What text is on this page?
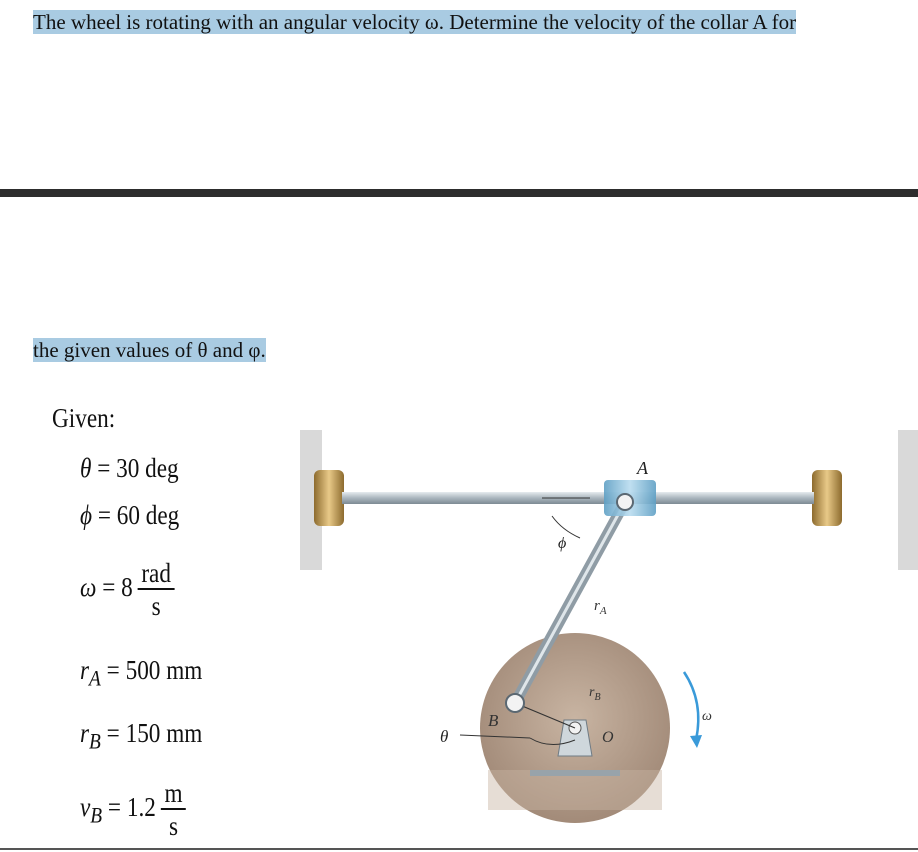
The wheel is rotating with an angular velocity ω. Determine the velocity of the collar A for
the given values of θ and φ.
Given:
θ = 30 deg
ϕ = 60 deg
$\omega = 8 \frac{\text{rad}}{s}$
$r_A = 500$ mm
$r_B = 150$ mm
$v_B = 1.2 \frac{m}{s}$
ϕ
A
B
O
θ
$r_A$
$r_B$
ω
